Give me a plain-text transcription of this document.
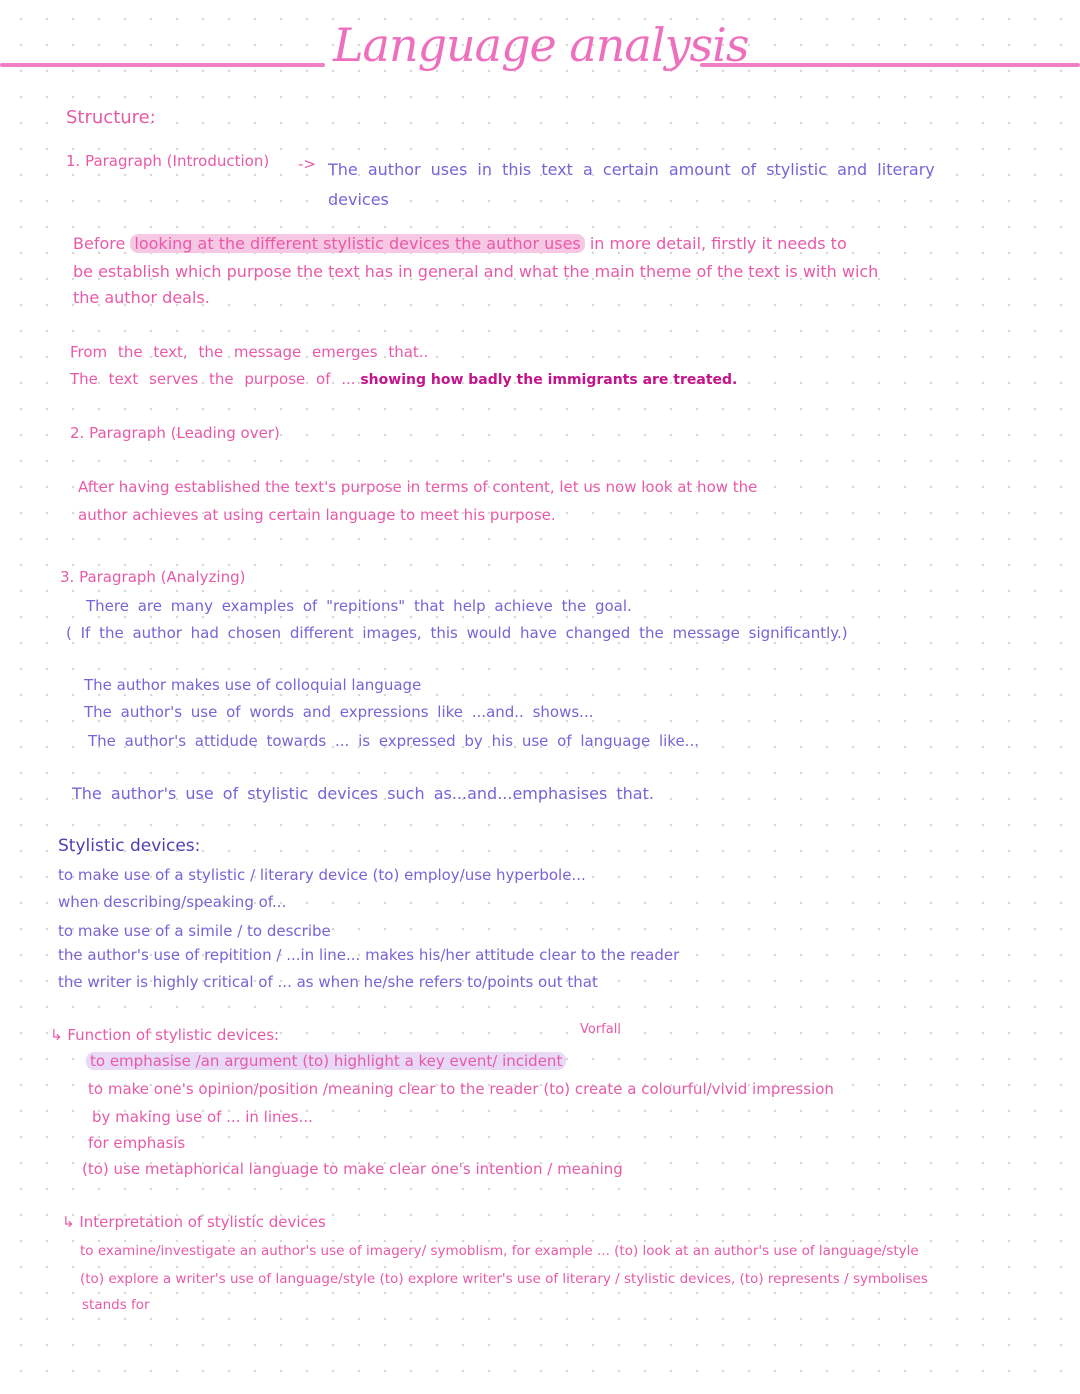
Language analysis
Structure:
1. Paragraph (Introduction) -> The author uses in this text a certain amount of stylistic and literary
devices
Before looking at the different stylistic devices the author uses in more detail, firstly it needs to
be establish which purpose the text has in general and what the main theme of the text is with wich
the author deals.
From the text, the message emerges that..
The text serves the purpose of ... showing how badly the immigrants are treated.
2. Paragraph (Leading over)
After having established the text's purpose in terms of content, let us now look at how the
author achieves at using certain language to meet his purpose.
3. Paragraph (Analyzing)
There are many examples of "repitions" that help achieve the goal.
( If the author had chosen different images, this would have changed the message significantly.)
The author makes use of colloquial language
The author's use of words and expressions like ...and.. shows...
The author's attidude towards ... is expressed by his use of language like...
The author's use of stylistic devices such as...and...emphasises that.
Stylistic devices:
to make use of a stylistic / literary device (to) employ/use hyperbole...
when describing/speaking of...
to make use of a simile / to describe
the author's use of repitition / ...in line... makes his/her attitude clear to the reader
the writer is highly critical of ... as when he/she refers to/points out that
↳ Function of stylistic devices:	Vorfall
to emphasise /an argument (to) highlight a key event/ incident
to make one's opinion/position /meaning clear to the reader (to) create a colourful/vivid impression
by making use of ... in lines...
for emphasis
(to) use metaphorical language to make clear one's intention / meaning
↳ Interpretation of stylistic devices
to examine/investigate an author's use of imagery/ symoblism, for example ... (to) look at an author's use of language/style
(to) explore a writer's use of language/style (to) explore writer's use of literary / stylistic devices, (to) represents / symbolises
stands for
